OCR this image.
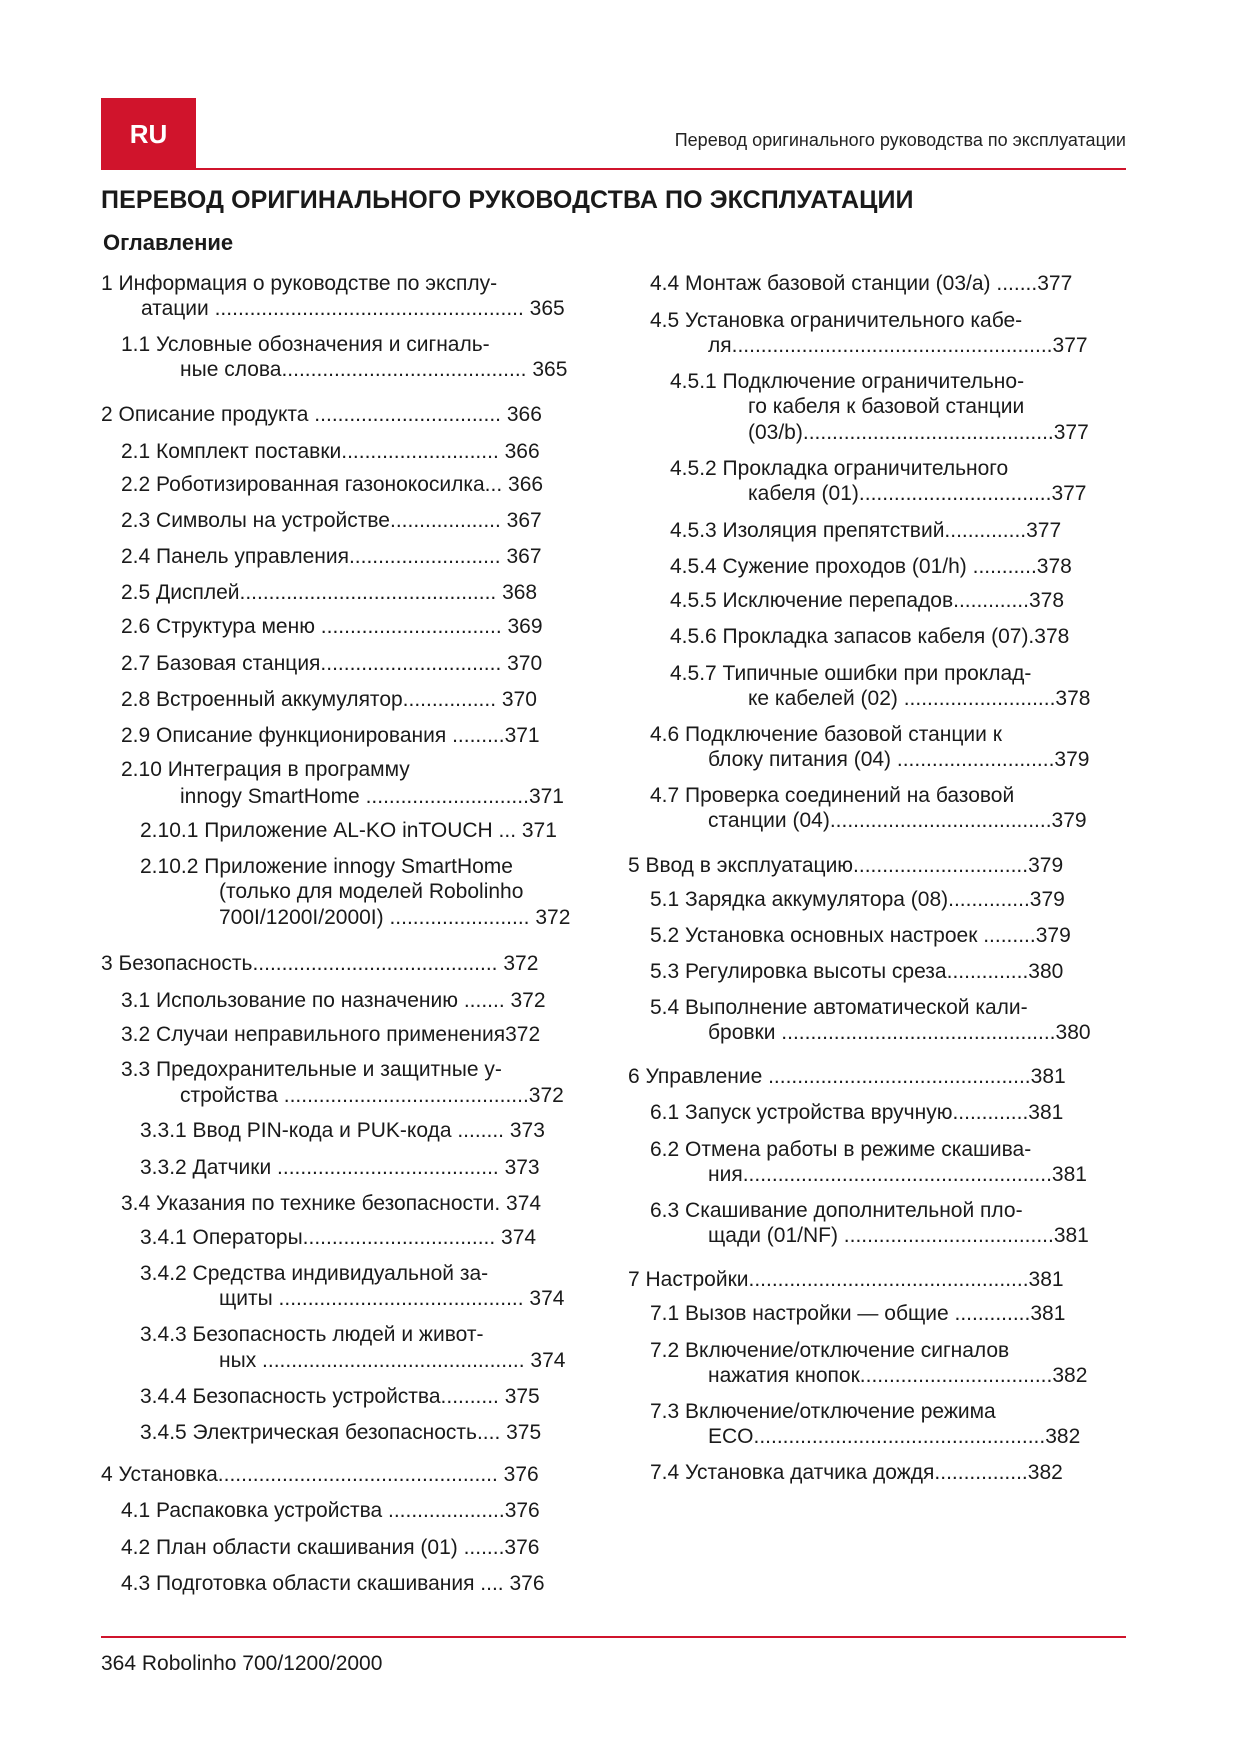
RU	Перевод оригинального руководства по эксплуатации
ПЕРЕВОД ОРИГИНАЛЬНОГО РУКОВОДСТВА ПО ЭКСПЛУАТАЦИИ
Оглавление
1 Информация о руководстве по эксплу-
атации ..................................................... 365
1.1 Условные обозначения и сигналь-
ные слова.......................................... 365
2 Описание продукта ................................ 366
2.1 Комплект поставки........................... 366
2.2 Роботизированная газонокосилка... 366
2.3 Символы на устройстве................... 367
2.4 Панель управления.......................... 367
2.5 Дисплей............................................ 368
2.6 Структура меню ............................... 369
2.7 Базовая станция............................... 370
2.8 Встроенный аккумулятор................ 370
2.9 Описание функционирования .........371
2.10 Интеграция в программу
innogy SmartHome ............................371
2.10.1 Приложение AL-KO inTOUCH ... 371
2.10.2 Приложение innogy SmartHome
(только для моделей Robolinho
700I/1200I/2000I) ........................ 372
3 Безопасность.......................................... 372
3.1 Использование по назначению ....... 372
3.2 Случаи неправильного применения372
3.3 Предохранительные и защитные у-
стройства ..........................................372
3.3.1 Ввод PIN-кода и PUK-кода ........ 373
3.3.2 Датчики ...................................... 373
3.4 Указания по технике безопасности. 374
3.4.1 Операторы................................. 374
3.4.2 Средства индивидуальной за-
щиты .......................................... 374
3.4.3 Безопасность людей и живот-
ных ............................................. 374
3.4.4 Безопасность устройства.......... 375
3.4.5 Электрическая безопасность.... 375
4 Установка................................................ 376
4.1 Распаковка устройства ....................376
4.2 План области скашивания (01) .......376
4.3 Подготовка области скашивания .... 376
4.4 Монтаж базовой станции (03/a) .......377
4.5 Установка ограничительного кабе-
ля.......................................................377
4.5.1 Подключение ограничительно-
го кабеля к базовой станции
(03/b)...........................................377
4.5.2 Прокладка ограничительного
кабеля (01).................................377
4.5.3 Изоляция препятствий..............377
4.5.4 Сужение проходов (01/h) ...........378
4.5.5 Исключение перепадов.............378
4.5.6 Прокладка запасов кабеля (07).378
4.5.7 Типичные ошибки при проклад-
ке кабелей (02) ..........................378
4.6 Подключение базовой станции к
блоку питания (04) ...........................379
4.7 Проверка соединений на базовой
станции (04)......................................379
5 Ввод в эксплуатацию..............................379
5.1 Зарядка аккумулятора (08)..............379
5.2 Установка основных настроек .........379
5.3 Регулировка высоты среза..............380
5.4 Выполнение автоматической кали-
бровки ...............................................380
6 Управление .............................................381
6.1 Запуск устройства вручную.............381
6.2 Отмена работы в режиме скашива-
ния.....................................................381
6.3 Скашивание дополнительной пло-
щади (01/NF) ....................................381
7 Настройки................................................381
7.1 Вызов настройки — общие .............381
7.2 Включение/отключение сигналов
нажатия кнопок.................................382
7.3 Включение/отключение режима
ECO..................................................382
7.4 Установка датчика дождя................382
364 Robolinho 700/1200/2000
